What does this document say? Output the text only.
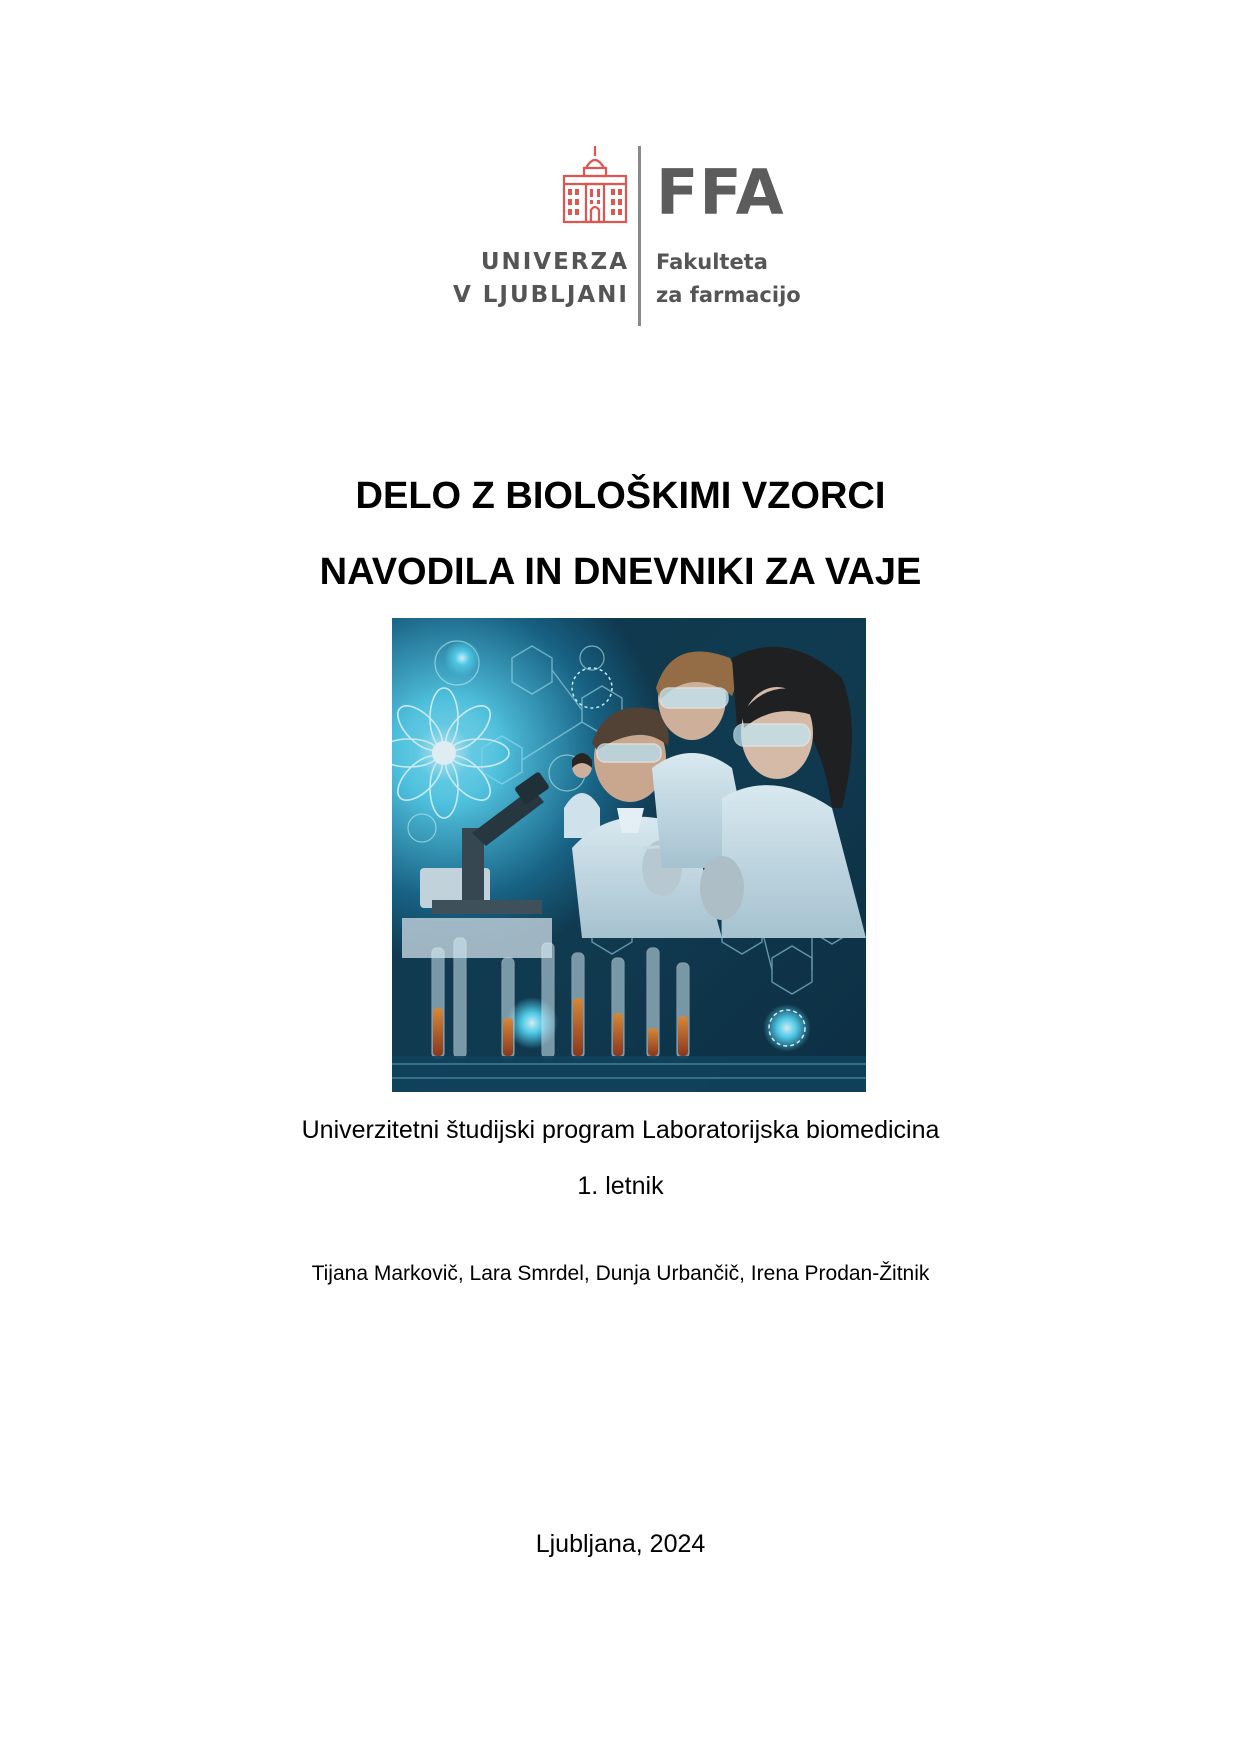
FFA
UNIVERZA
V LJUBLJANI
Fakulteta
za farmacijo
DELO Z BIOLOŠKIMI VZORCI
NAVODILA IN DNEVNIKI ZA VAJE
Univerzitetni študijski program Laboratorijska biomedicina
1. letnik
Tijana Markovič, Lara Smrdel, Dunja Urbančič, Irena Prodan-Žitnik
Ljubljana, 2024
